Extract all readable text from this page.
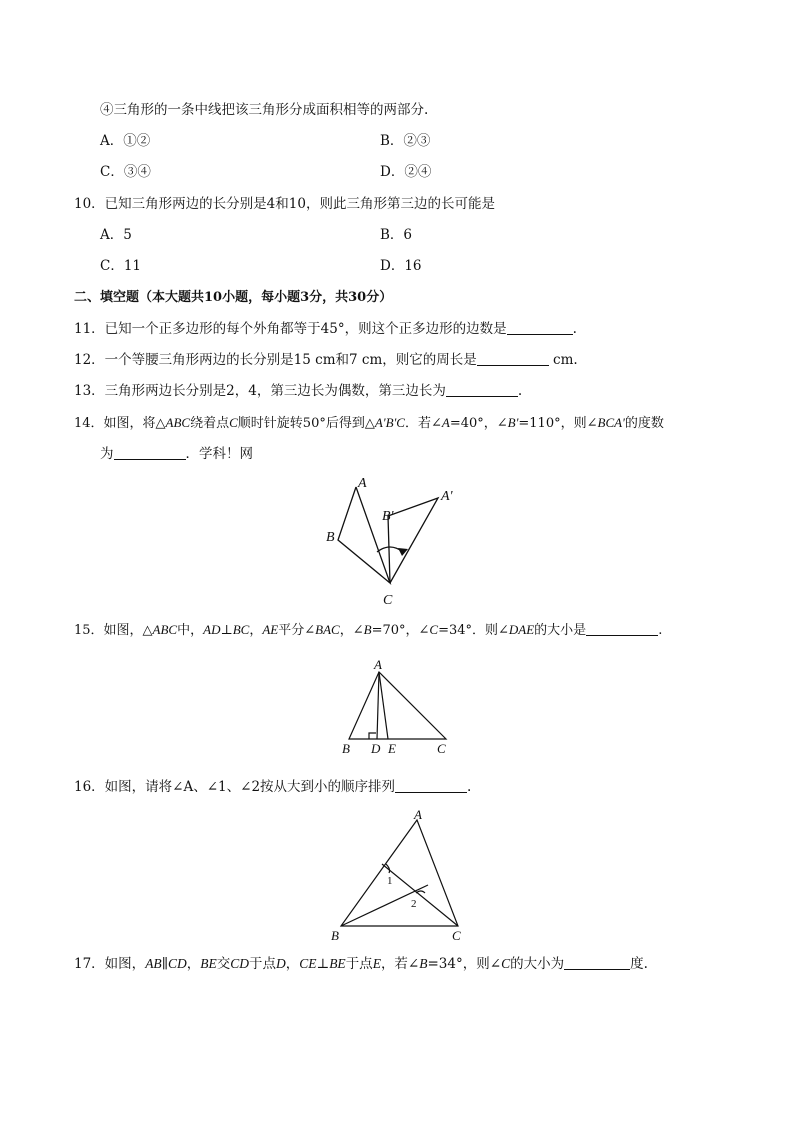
④三角形的一条中线把该三角形分成面积相等的两部分.
A．①②	B．②③
C．③④	D．②④
10．已知三角形两边的长分别是4和10，则此三角形第三边的长可能是
A．5	B．6
C．11	D．16
二、填空题（本大题共10小题，每小题3分，共30分）
11．已知一个正多边形的每个外角都等于45°，则这个正多边形的边数是	.
12．一个等腰三角形两边的长分别是15 cm和7 cm，则它的周长是	cm.
13．三角形两边长分别是2，4，第三边长为偶数，第三边长为	.
14．如图，将△ABC绕着点C顺时针旋转50°后得到△A'B'C．若∠A=40°，∠B'=110°，则∠BCA'的度数
为	．学科！网
A
B
C
B'
A'
15．如图，△ABC中，AD⊥BC，AE平分∠BAC，∠B=70°，∠C=34°．则∠DAE的大小是	.
A
B D E	C
16．如图，请将∠A、∠1、∠2按从大到小的顺序排列	.
A
B	C
1
2
17．如图，AB∥CD，BE交CD于点D，CE⊥BE于点E，若∠B=34°，则∠C的大小为	度.
